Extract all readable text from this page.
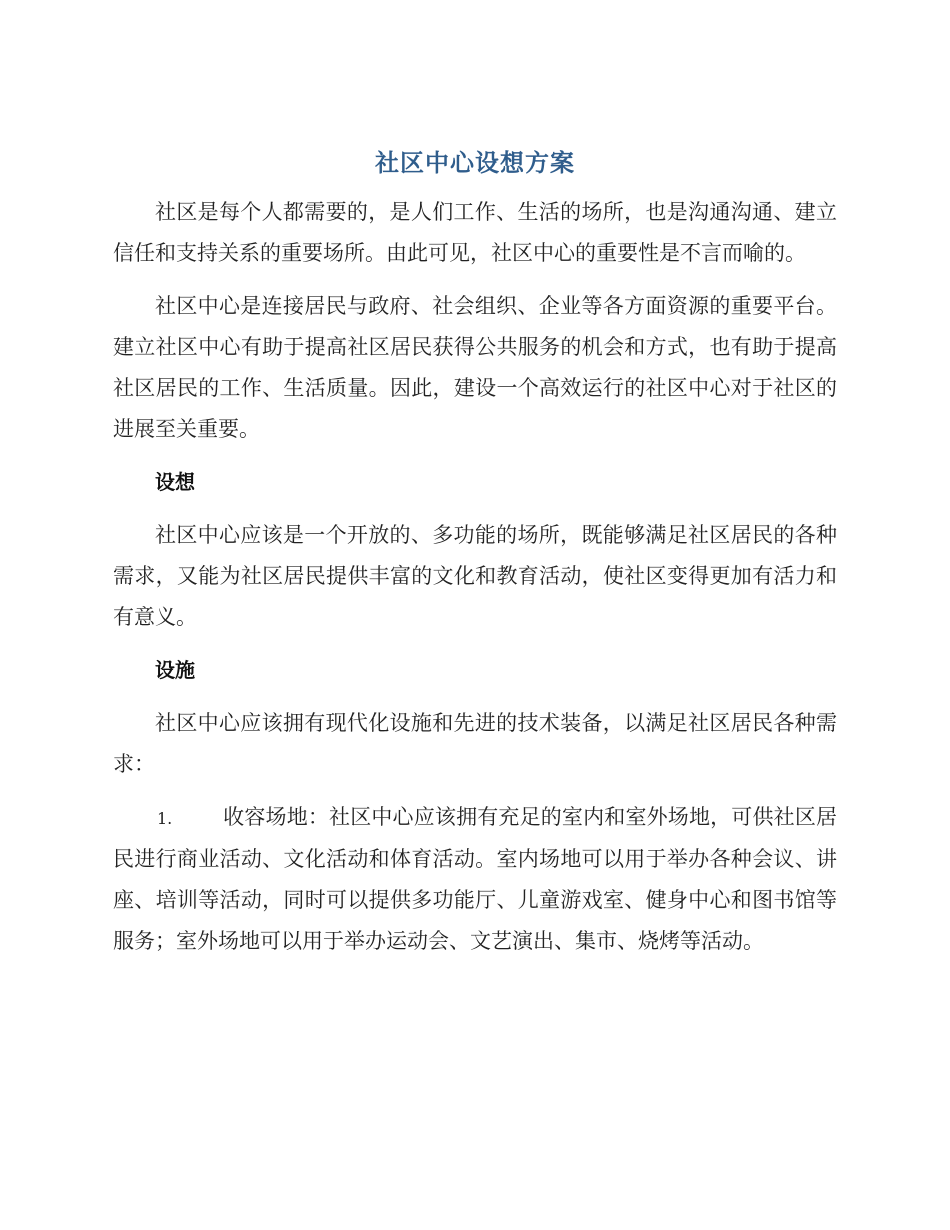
社区中心设想方案

社区是每个人都需要的，是人们工作、生活的场所，也是沟通沟通、建立信任和支持关系的重要场所。由此可见，社区中心的重要性是不言而喻的。

社区中心是连接居民与政府、社会组织、企业等各方面资源的重要平台。建立社区中心有助于提高社区居民获得公共服务的机会和方式，也有助于提高社区居民的工作、生活质量。因此，建设一个高效运行的社区中心对于社区的进展至关重要。

设想

社区中心应该是一个开放的、多功能的场所，既能够满足社区居民的各种需求，又能为社区居民提供丰富的文化和教育活动，使社区变得更加有活力和有意义。

设施

社区中心应该拥有现代化设施和先进的技术装备，以满足社区居民各种需求：

1. 收容场地：社区中心应该拥有充足的室内和室外场地，可供社区居民进行商业活动、文化活动和体育活动。室内场地可以用于举办各种会议、讲座、培训等活动，同时可以提供多功能厅、儿童游戏室、健身中心和图书馆等服务；室外场地可以用于举办运动会、文艺演出、集市、烧烤等活动。
